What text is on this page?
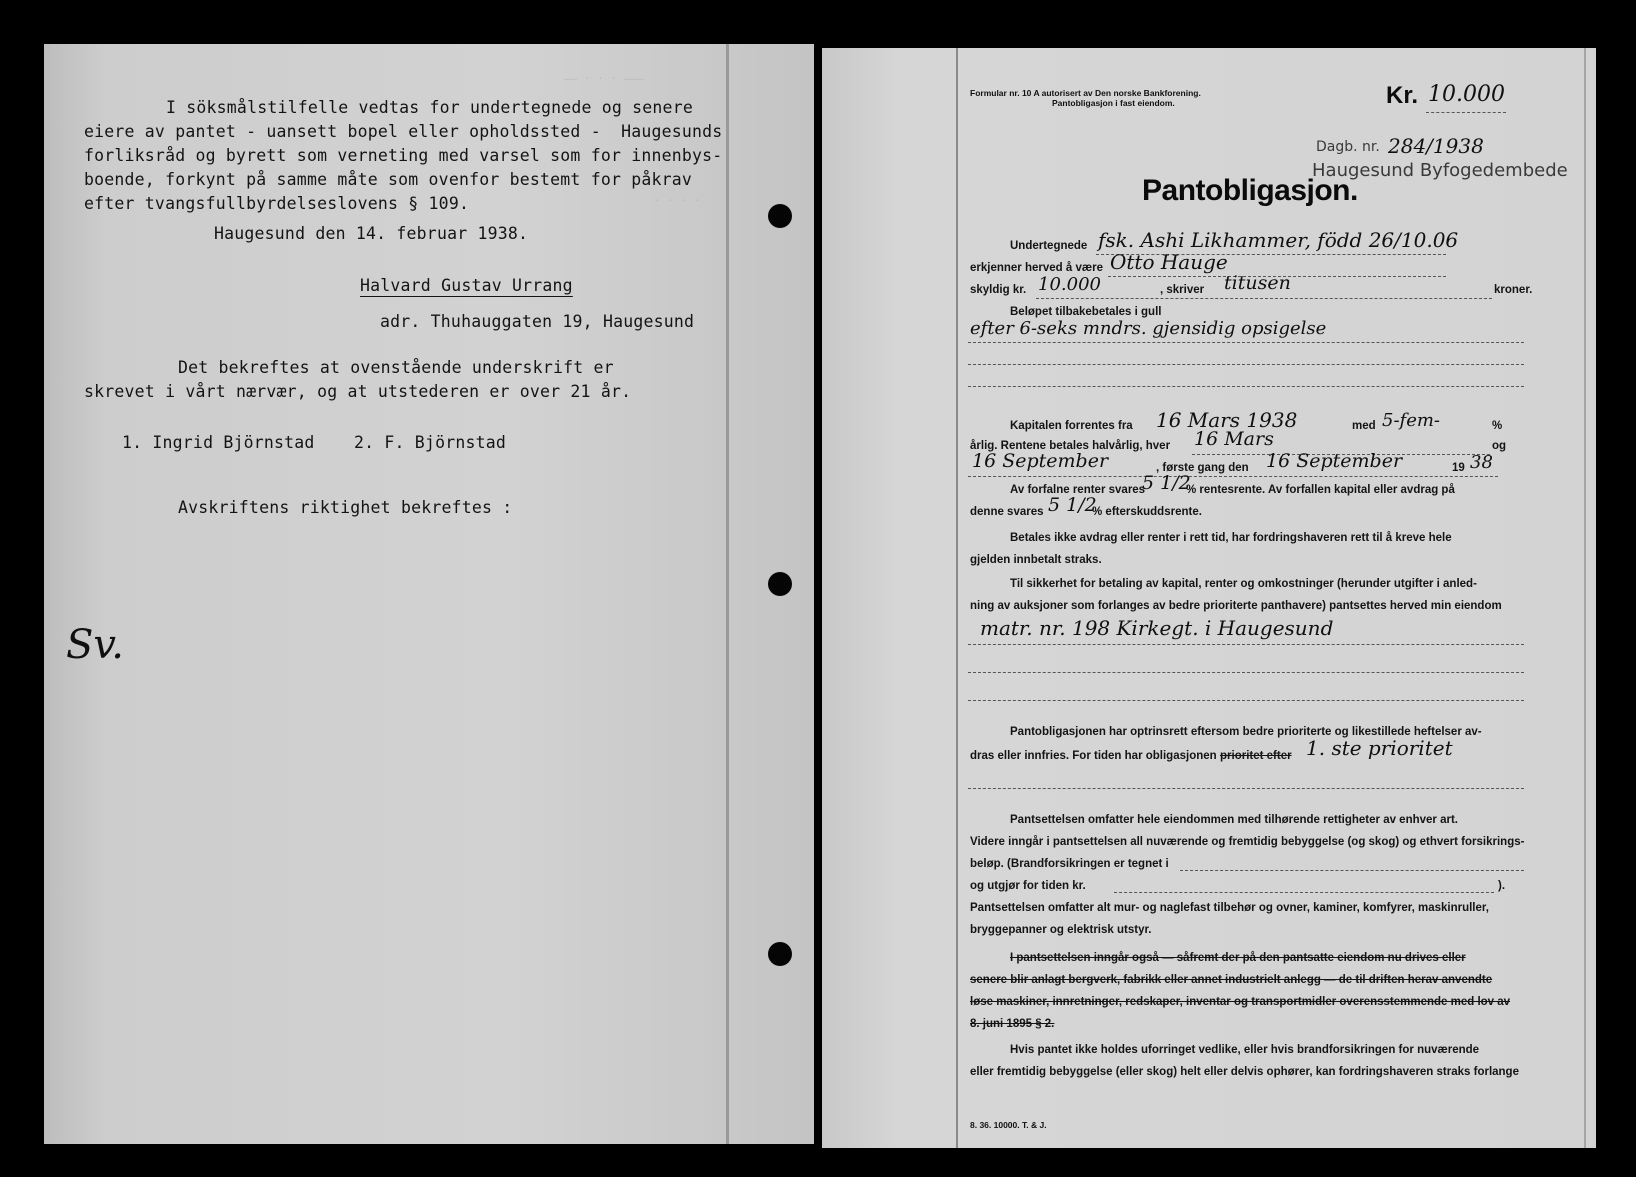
—— · · · ———
· · · ·
I söksmålstilfelle vedtas for undertegnede og senere
eiere av pantet - uansett bopel eller opholdssted -  Haugesunds
forliksråd og byrett som verneting med varsel som for innenbys-
boende, forkynt på samme måte som ovenfor bestemt for påkrav
efter tvangsfullbyrdelseslovens § 109.
Haugesund den 14. februar 1938.
Halvard Gustav Urrang
adr. Thuhauggaten 19, Haugesund
Det bekreftes at ovenstående underskrift er
skrevet i vårt nærvær, og at utstederen er over 21 år.
1. Ingrid Björnstad 2. F. Björnstad
Avskriftens riktighet bekreftes :
Sv.
Formular nr. 10 A autorisert av Den norske Bankforening.
Pantobligasjon i fast eiendom.	Kr. 10.000
Dagb. nr. 284/1938
Haugesund Byfogedembede
Pantobligasjon.
Undertegnede fsk. Ashi Likhammer, född 26/10.06
erkjenner herved å være Otto Hauge
skyldig kr. 10.000	, skriver titusen	kroner.
Beløpet tilbakebetales i gull
efter 6-seks mndrs. gjensidig opsigelse
Kapitalen forrentes fra 16 Mars 1938	med 5-fem-	%
årlig. Rentene betales halvårlig, hver 16 Mars	og
16 September	, første gang den 16 September	19 38
Av forfalne renter svares
5 1/2
% rentesrente. Av forfallen kapital eller avdrag på
denne svares 5 1/2
% efterskuddsrente.
Betales ikke avdrag eller renter i rett tid, har fordringshaveren rett til å kreve hele
gjelden innbetalt straks.
Til sikkerhet for betaling av kapital, renter og omkostninger (herunder utgifter i anled-
ning av auksjoner som forlanges av bedre prioriterte panthavere) pantsettes herved min eiendom
matr. nr. 198 Kirkegt. i Haugesund
Pantobligasjonen har optrinsrett eftersom bedre prioriterte og likestillede heftelser av-
dras eller innfries. For tiden har obligasjonen prioritet efter 1. ste prioritet
Pantsettelsen omfatter hele eiendommen med tilhørende rettigheter av enhver art.
Videre inngår i pantsettelsen all nuværende og fremtidig bebyggelse (og skog) og ethvert forsikrings-
beløp. (Brandforsikringen er tegnet i
og utgjør for tiden kr.	).
Pantsettelsen omfatter alt mur- og naglefast tilbehør og ovner, kaminer, komfyrer, maskinruller,
bryggepanner og elektrisk utstyr.
I pantsettelsen inngår også — såfremt der på den pantsatte eiendom nu drives eller
senere blir anlagt bergverk, fabrikk eller annet industrielt anlegg — de til driften herav anvendte
løse maskiner, innretninger, redskaper, inventar og transportmidler overensstemmende med lov av
8. juni 1895 § 2.
Hvis pantet ikke holdes uforringet vedlike, eller hvis brandforsikringen for nuværende
eller fremtidig bebyggelse (eller skog) helt eller delvis ophører, kan fordringshaveren straks forlange
8. 36. 10000. T. & J.
